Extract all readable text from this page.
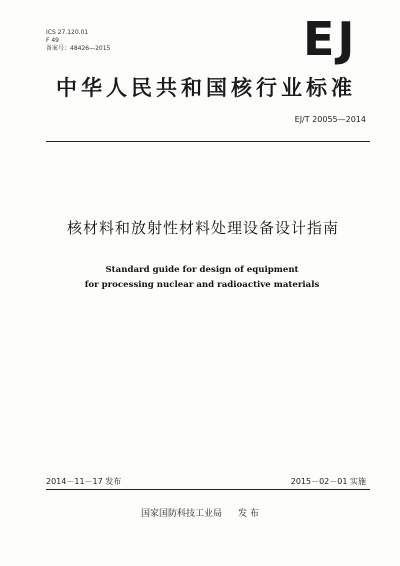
ICS 27.120.01
F 49
备案号：48426—2015	EJ
中华人民共和国核行业标准
EJ/T 20055—2014
核材料和放射性材料处理设备设计指南
Standard guide for design of equipment
for processing nuclear and radioactive materials
2014－11－17 发布	2015－02－01 实施
国家国防科技工业局 发 布
